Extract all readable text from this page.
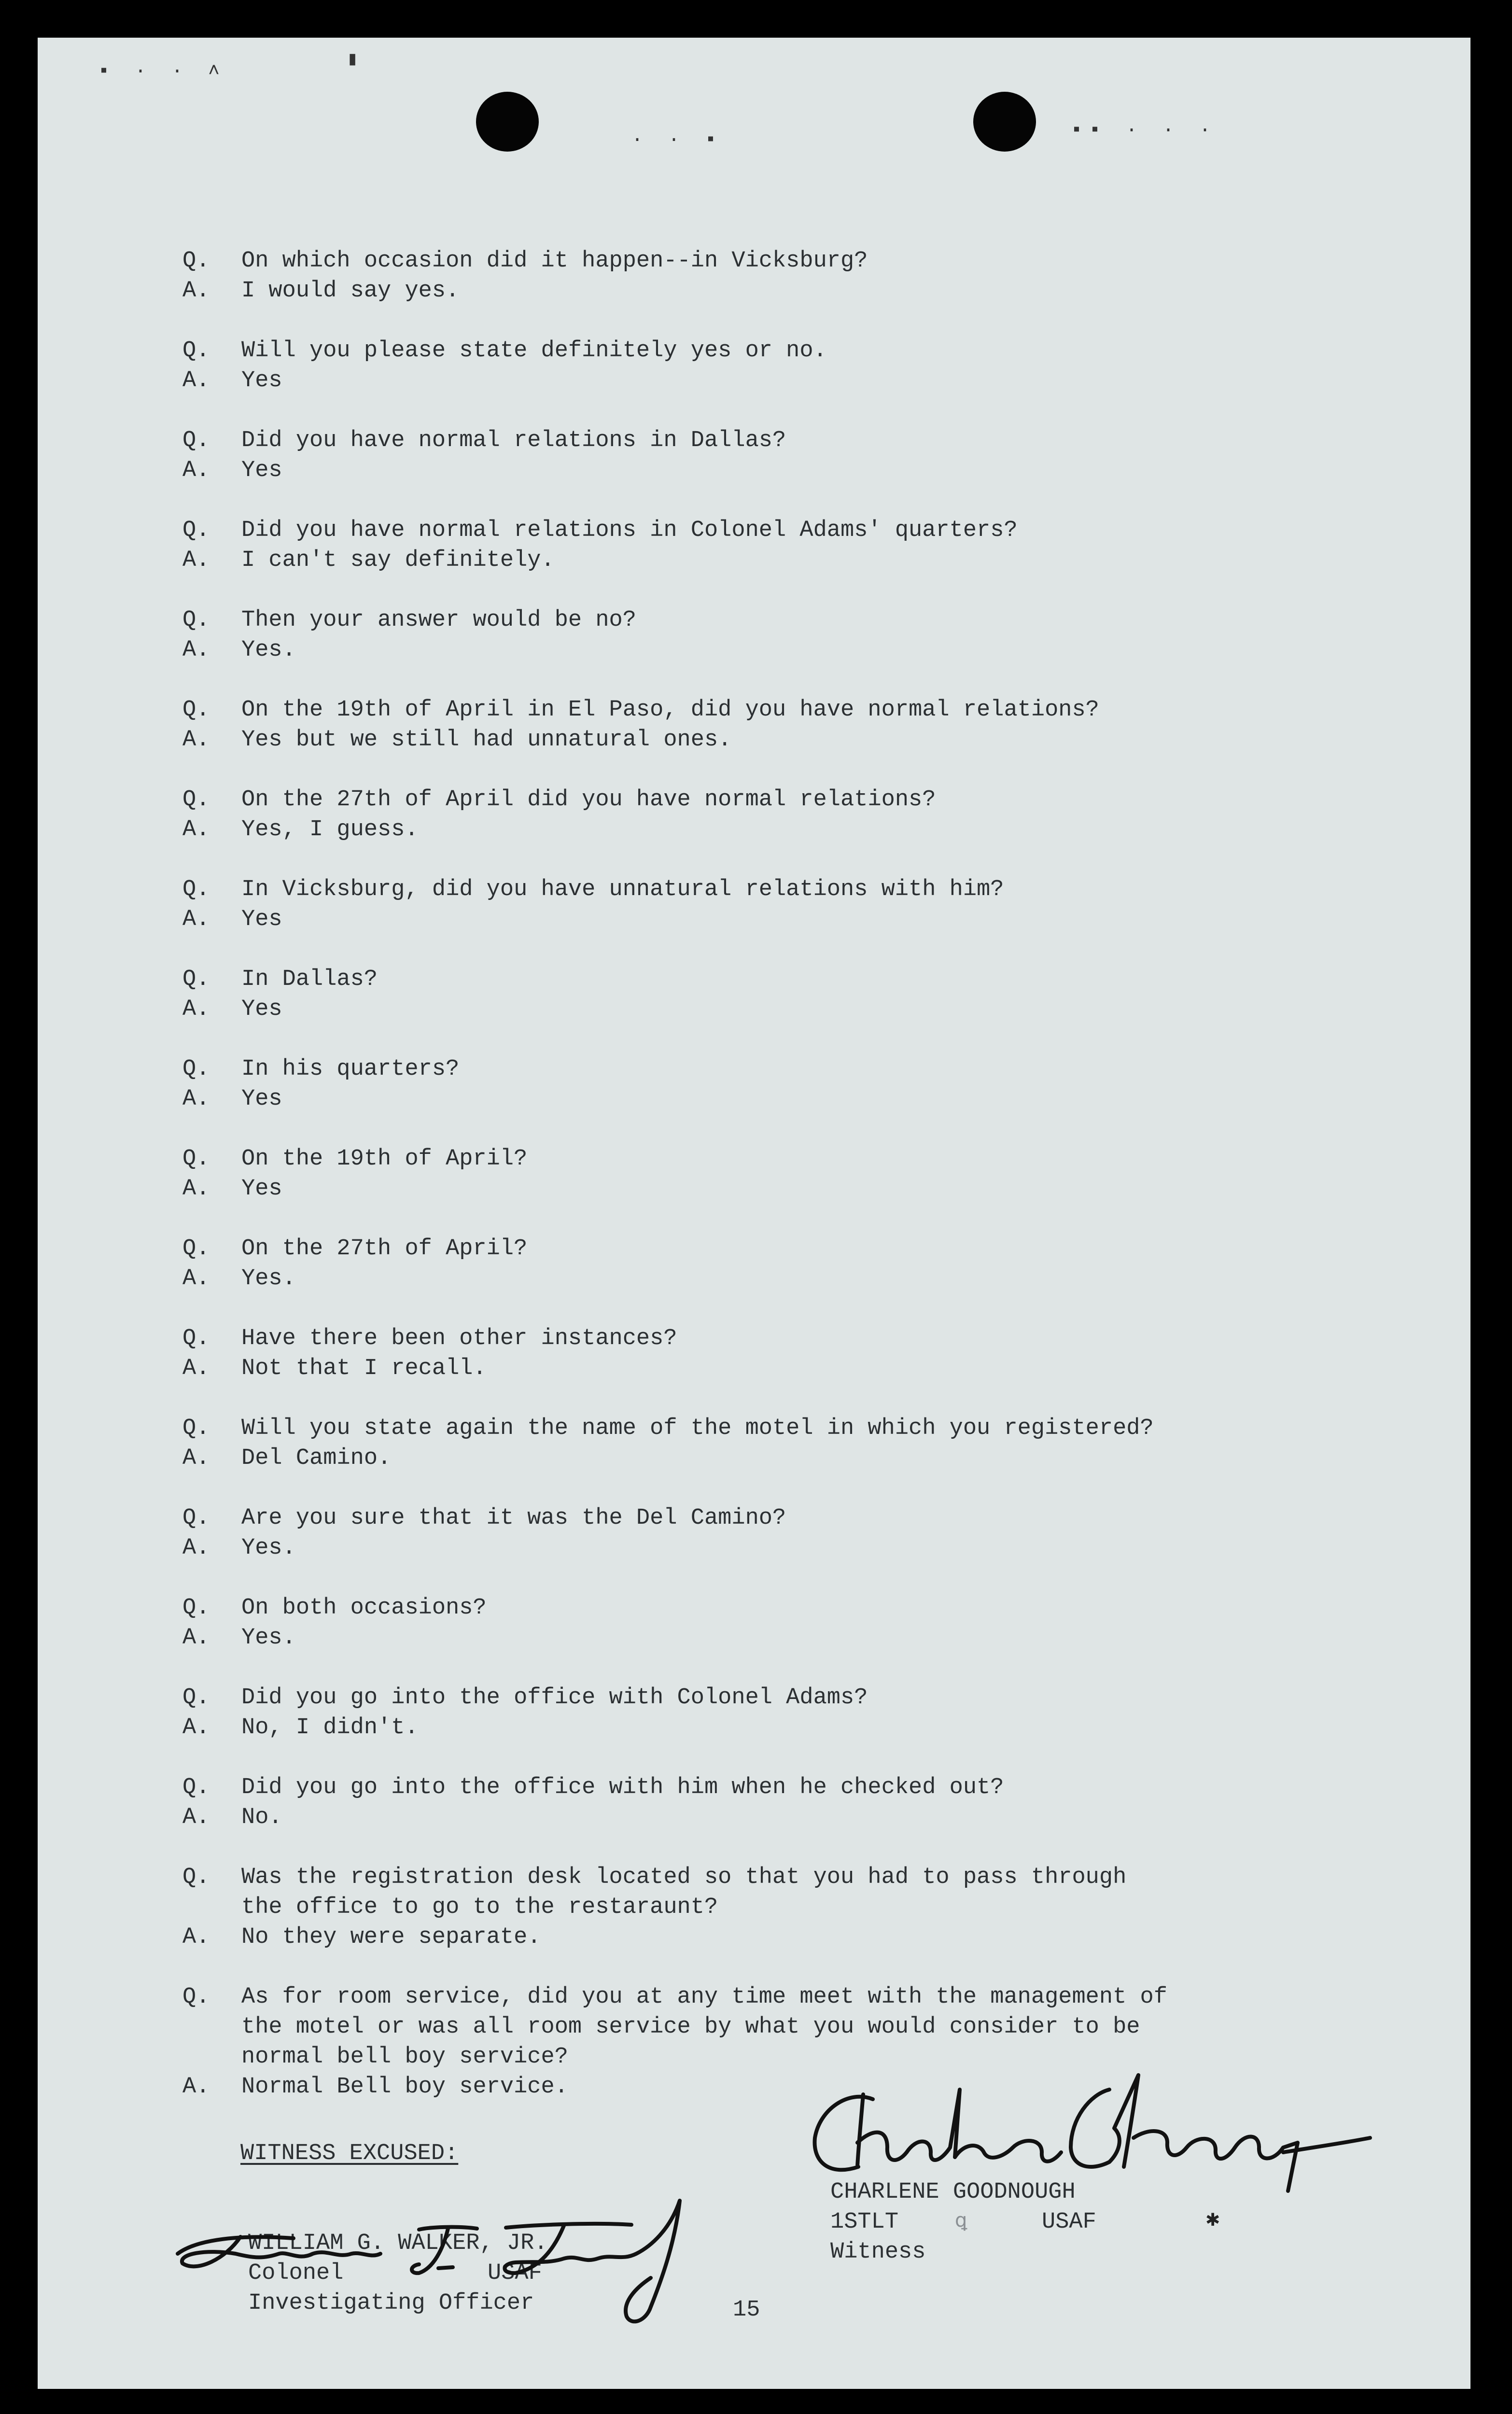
▪ · · ˄
▮
· · ▪	▪▪ · · ·
Q.	On which occasion did it happen--in Vicksburg?
A.	I would say yes.
Q.	Will you please state definitely yes or no.
A.	Yes
Q.	Did you have normal relations in Dallas?
A.	Yes
Q.	Did you have normal relations in Colonel Adams' quarters?
A.	I can't say definitely.
Q.	Then your answer would be no?
A.	Yes.
Q.	On the 19th of April in El Paso, did you have normal relations?
A.	Yes but we still had unnatural ones.
Q.	On the 27th of April did you have normal relations?
A.	Yes, I guess.
Q.	In Vicksburg, did you have unnatural relations with him?
A.	Yes
Q.	In Dallas?
A.	Yes
Q.	In his quarters?
A.	Yes
Q.	On the 19th of April?
A.	Yes
Q.	On the 27th of April?
A.	Yes.
Q.	Have there been other instances?
A.	Not that I recall.
Q.	Will you state again the name of the motel in which you registered?
A.	Del Camino.
Q.	Are you sure that it was the Del Camino?
A.	Yes.
Q.	On both occasions?
A.	Yes.
Q.	Did you go into the office with Colonel Adams?
A.	No, I didn't.
Q.	Did you go into the office with him when he checked out?
A.	No.
Q.	Was the registration desk located so that you had to pass through
the office to go to the restaraunt?
A.	No they were separate.
Q.	As for room service, did you at any time meet with the management of
the motel or was all room service by what you would consider to be
normal bell boy service?
A.	Normal Bell boy service.
WITNESS EXCUSED:
WILLIAM G. WALKER, JR.
Colonel	USAF
Investigating Officer
CHARLENE GOODNOUGH
1STLT	USAF
Witness
15
ꝗ	✱
